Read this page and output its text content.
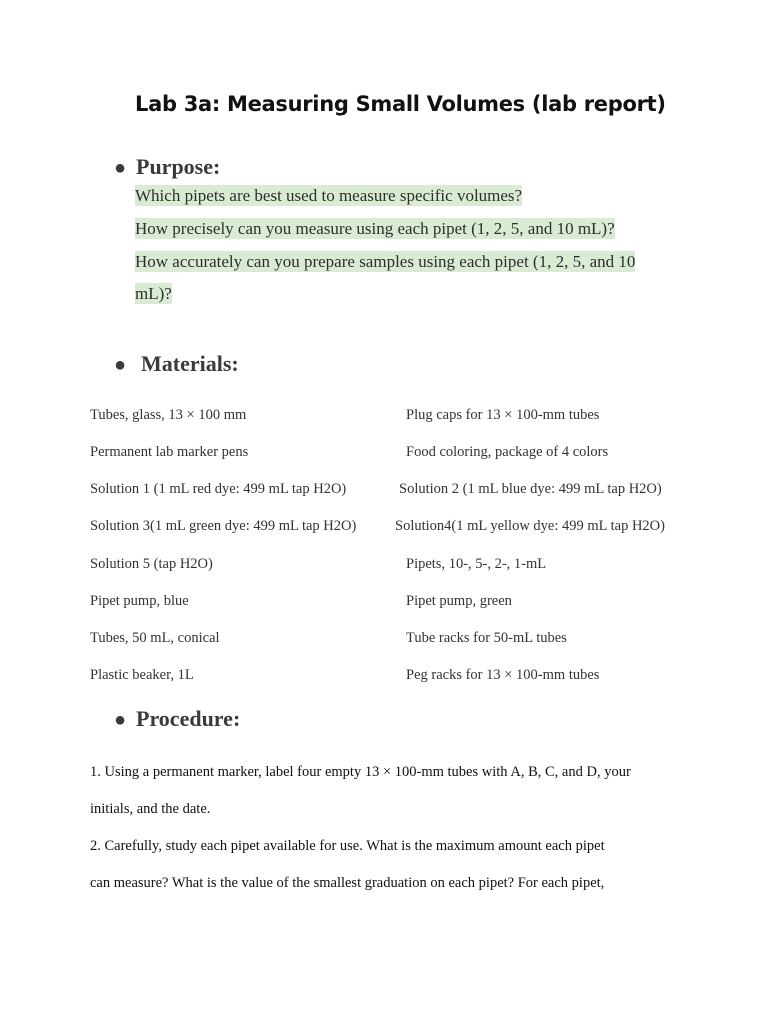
Lab 3a: Measuring Small Volumes (lab report)
● Purpose:
Which pipets are best used to measure specific volumes?
How precisely can you measure using each pipet (1, 2, 5, and 10 mL)?
How accurately can you prepare samples using each pipet (1, 2, 5, and 10
mL)?
● Materials:
Tubes, glass, 13 × 100 mm
Permanent lab marker pens
Solution 1 (1 mL red dye: 499 mL tap H2O)
Solution 3(1 mL green dye: 499 mL tap H2O)
Solution 5 (tap H2O)
Pipet pump, blue
Tubes, 50 mL, conical
Plastic beaker, 1L
Plug caps for 13 × 100-mm tubes
Food coloring, package of 4 colors
Solution 2 (1 mL blue dye: 499 mL tap H2O)
Solution4(1 mL yellow dye: 499 mL tap H2O)
Pipets, 10-, 5-, 2-, 1-mL
Pipet pump, green
Tube racks for 50-mL tubes
Peg racks for 13 × 100-mm tubes
● Procedure:
1. Using a permanent marker, label four empty 13 × 100-mm tubes with A, B, C, and D, your
initials, and the date.
2. Carefully, study each pipet available for use. What is the maximum amount each pipet
can measure? What is the value of the smallest graduation on each pipet? For each pipet,
